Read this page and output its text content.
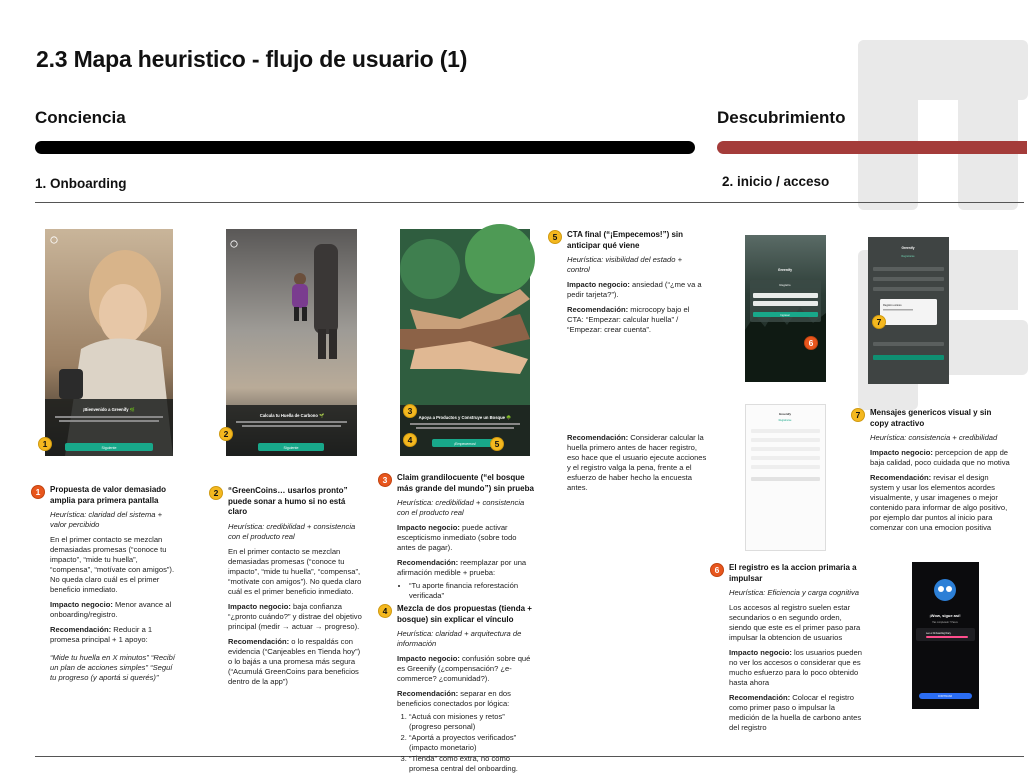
2.3 Mapa heuristico - flujo de usuario (1)
Conciencia	Descubrimiento
1. Onboarding	2. inicio / acceso
¡Bienvenido a Greenify 🌿
Siguiente
1
Calcula tu Huella de Carbono 🌱
Siguiente
2
Apoya a Productos y Construye un Bosque 🌳
¡Empecemos!
3
4	5
Greenify
Registro
Ingresar
6
Greenify
Registrarse
Registro exitoso
7
Greenify
Registrarse
¡Wow, sigue así!
Has completado 7 Pasos
Leo el Onboarding Diary
CONTINUAR
1	Propuesta de valor demasiado amplia para primera pantalla
Heurística: claridad del sistema + valor percibido

En el primer contacto se mezclan demasiadas promesas (“conoce tu impacto”, “mide tu huella”, “compensa”, “motívate con amigos”). No queda claro cuál es el primer beneficio inmediato.

Impacto negocio: Menor avance al onboarding/registro.

Recomendación: Reducir a 1 promesa principal + 1 apoyo:

“Mide tu huella en X minutos” “Recibí un plan de acciones simples” “Seguí tu progreso (y aportá si querés)”

2	“GreenCoins… usarlos pronto” puede sonar a humo si no está claro
Heurística: credibilidad + consistencia con el producto real

En el primer contacto se mezclan demasiadas promesas (“conoce tu impacto”, “mide tu huella”, “compensa”, “motívate con amigos”). No queda claro cuál es el primer beneficio inmediato.

Impacto negocio: baja confianza “¿pronto cuándo?” y distrae del objetivo principal (medir → actuar → progreso).

Recomendación: o lo respaldás con evidencia (“Canjeables en Tienda hoy”) o lo bajás a una promesa más segura (“Acumulá GreenCoins para beneficios dentro de la app”)

3	Claim grandilocuente (“el bosque más grande del mundo”) sin prueba
Heurística: credibilidad + consistencia con el producto real

Impacto negocio: puede activar escepticismo inmediato (sobre todo antes de pagar).

Recomendación: reemplazar por una afirmación medible + prueba:

• “Tu aporte financia reforestación verificada”
4	Mezcla de dos propuestas (tienda + bosque) sin explicar el vínculo
Heurística: claridad + arquitectura de información

Impacto negocio: confusión sobre qué es Greenify (¿compensación? ¿e-commerce? ¿comunidad?).

Recomendación: separar en dos beneficios conectados por lógica:

1. “Actuá con misiones y retos” (progreso personal)
2. “Aportá a proyectos verificados” (impacto monetario)
3. “Tienda” como extra, no como promesa central del onboarding.
5	CTA final (“¡Empecemos!”) sin anticipar qué viene
Heurística: visibilidad del estado + control

Impacto negocio: ansiedad (“¿me va a pedir tarjeta?”).

Recomendación: microcopy bajo el CTA: “Empezar: calcular huella” / “Empezar: crear cuenta”.

Recomendación: Considerar calcular la huella primero antes de hacer registro, eso hace que el usuario ejecute acciones y el registro valga la pena, frente a el esfuerzo de haber hecho la encuesta antes.

6	El registro es la accion primaria a impulsar
Heurística: Eficiencia y carga cognitiva

Los accesos al registro suelen estar secundarios o en segundo orden, siendo que este es el primer paso para impulsar la obtencion de usuarios

Impacto negocio: los usuarios pueden no ver los accesos o considerar que es mucho esfuerzo para lo poco obtenido hasta ahora

Recomendación: Colocar el registro como primer paso o impulsar la medición de la huella de carbono antes del registro

7	Mensajes genericos visual y sin copy atractivo
Heurística: consistencia + credibilidad

Impacto negocio: percepcion de app de baja calidad, poco cuidada que no motiva

Recomendación: revisar el design system y usar los elementos acordes visualmente, y usar imagenes o mejor contenido para informar de algo positivo, por ejemplo dar puntos al inicio para comenzar con una emocion positiva
